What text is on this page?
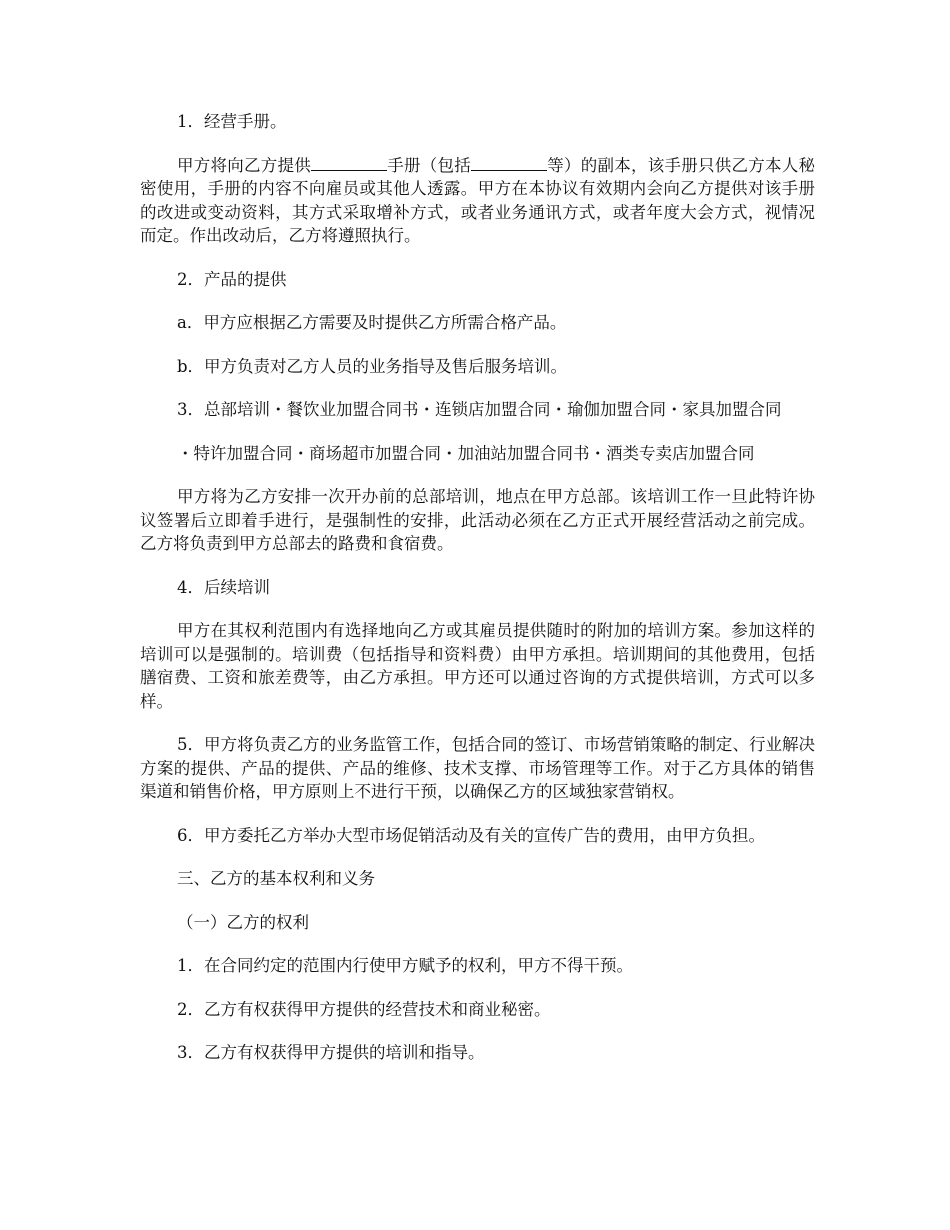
1．经营手册。

甲方将向乙方提供	手册（包括	等）的副本，该手册只供乙方本人秘密使用，手册的内容不向雇员或其他人透露。甲方在本协议有效期内会向乙方提供对该手册的改进或变动资料，其方式采取增补方式，或者业务通讯方式，或者年度大会方式，视情况而定。作出改动后，乙方将遵照执行。

2．产品的提供

a．甲方应根据乙方需要及时提供乙方所需合格产品。

b．甲方负责对乙方人员的业务指导及售后服务培训。

3．总部培训・餐饮业加盟合同书・连锁店加盟合同・瑜伽加盟合同・家具加盟合同

・特许加盟合同・商场超市加盟合同・加油站加盟合同书・酒类专卖店加盟合同

甲方将为乙方安排一次开办前的总部培训，地点在甲方总部。该培训工作一旦此特许协议签署后立即着手进行，是强制性的安排，此活动必须在乙方正式开展经营活动之前完成。乙方将负责到甲方总部去的路费和食宿费。

4．后续培训

甲方在其权利范围内有选择地向乙方或其雇员提供随时的附加的培训方案。参加这样的培训可以是强制的。培训费（包括指导和资料费）由甲方承担。培训期间的其他费用，包括膳宿费、工资和旅差费等，由乙方承担。甲方还可以通过咨询的方式提供培训，方式可以多样。

5．甲方将负责乙方的业务监管工作，包括合同的签订、市场营销策略的制定、行业解决方案的提供、产品的提供、产品的维修、技术支撑、市场管理等工作。对于乙方具体的销售渠道和销售价格，甲方原则上不进行干预，以确保乙方的区域独家营销权。

6．甲方委托乙方举办大型市场促销活动及有关的宣传广告的费用，由甲方负担。

三、乙方的基本权利和义务

（一）乙方的权利

1．在合同约定的范围内行使甲方赋予的权利，甲方不得干预。

2．乙方有权获得甲方提供的经营技术和商业秘密。

3．乙方有权获得甲方提供的培训和指导。
